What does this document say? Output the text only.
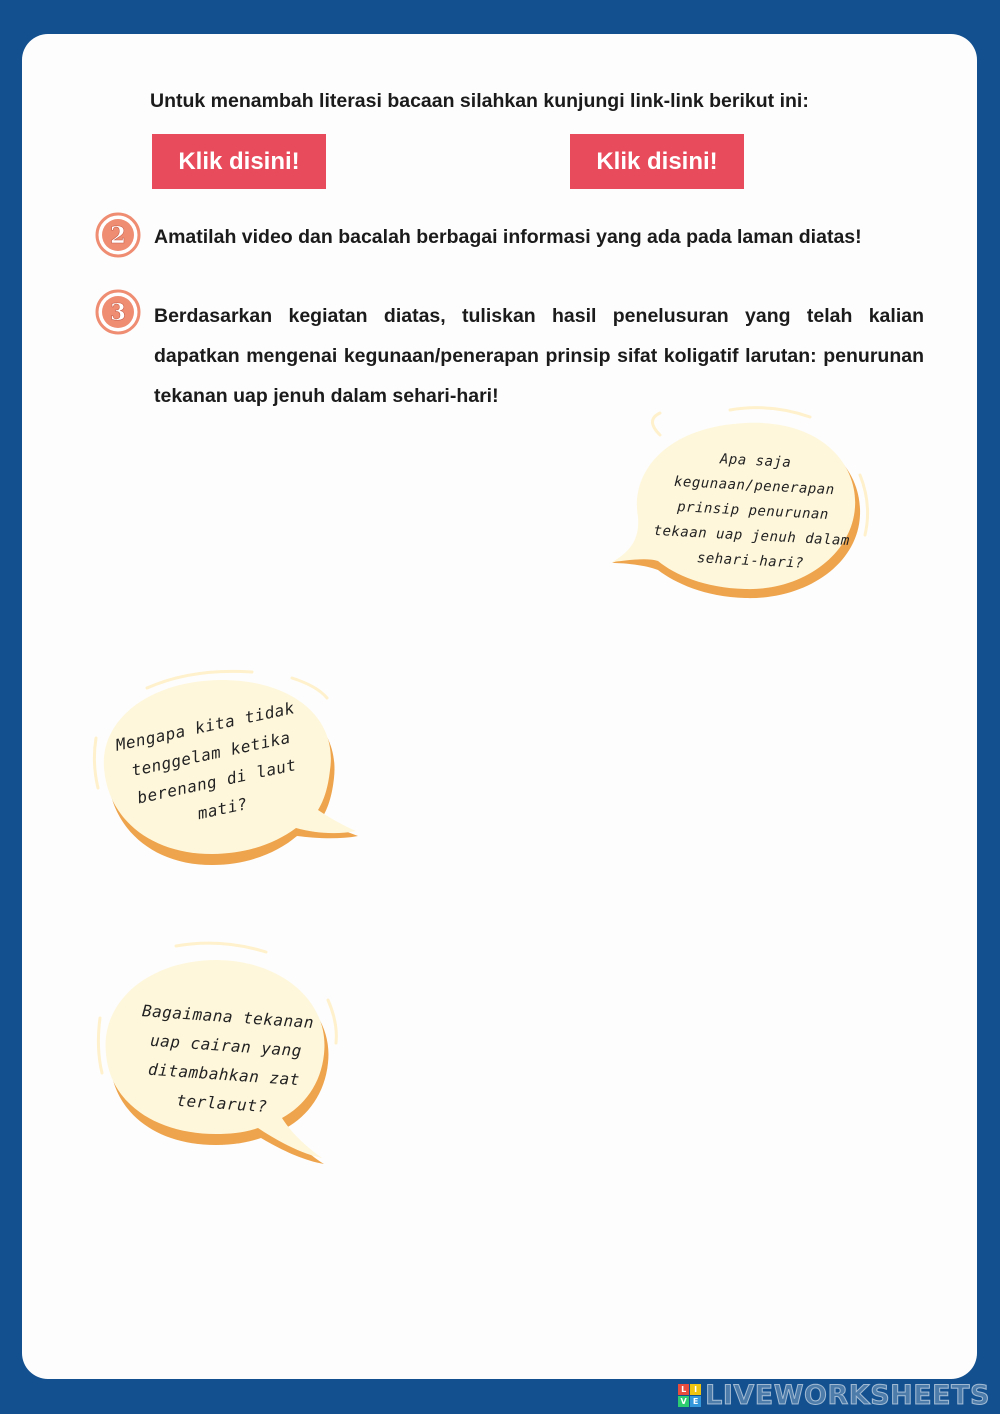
Untuk menambah literasi bacaan silahkan kunjungi link-link berikut ini:

Klik disini!	Klik disini!
2 Amatilah video dan bacalah berbagai informasi yang ada pada laman diatas!

3 Berdasarkan kegiatan diatas, tuliskan hasil penelusuran yang telah kalian dapatkan mengenai kegunaan/penerapan prinsip sifat koligatif larutan: penurunan tekanan uap jenuh dalam sehari-hari!

Apa saja kegunaan/penerapan prinsip penurunan tekaan uap jenuh dalam sehari-hari?

Mengapa kita tidak tenggelam ketika berenang di laut mati?

Bagaimana tekanan uap cairan yang ditambahkan zat terlarut?

L I
V E LIVEWORKSHEETS
